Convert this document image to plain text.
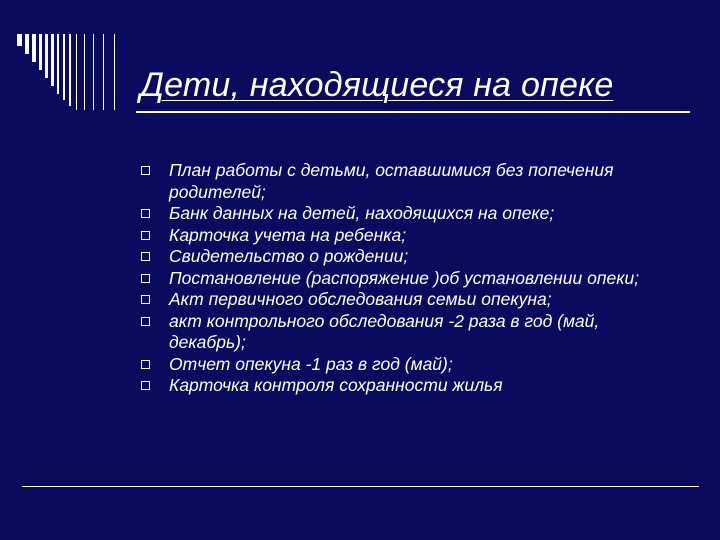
Дети, находящиеся на опеке
План работы с детьми, оставшимися без попечения родителей;
Банк данных на детей, находящихся на опеке;
Карточка учета на ребенка;
Свидетельство о рождении;
Постановление (распоряжение )об установлении опеки;
Акт первичного обследования семьи опекуна;
акт контрольного обследования -2 раза в год (май, декабрь);
Отчет опекуна -1 раз в год (май);
Карточка контроля сохранности жилья
